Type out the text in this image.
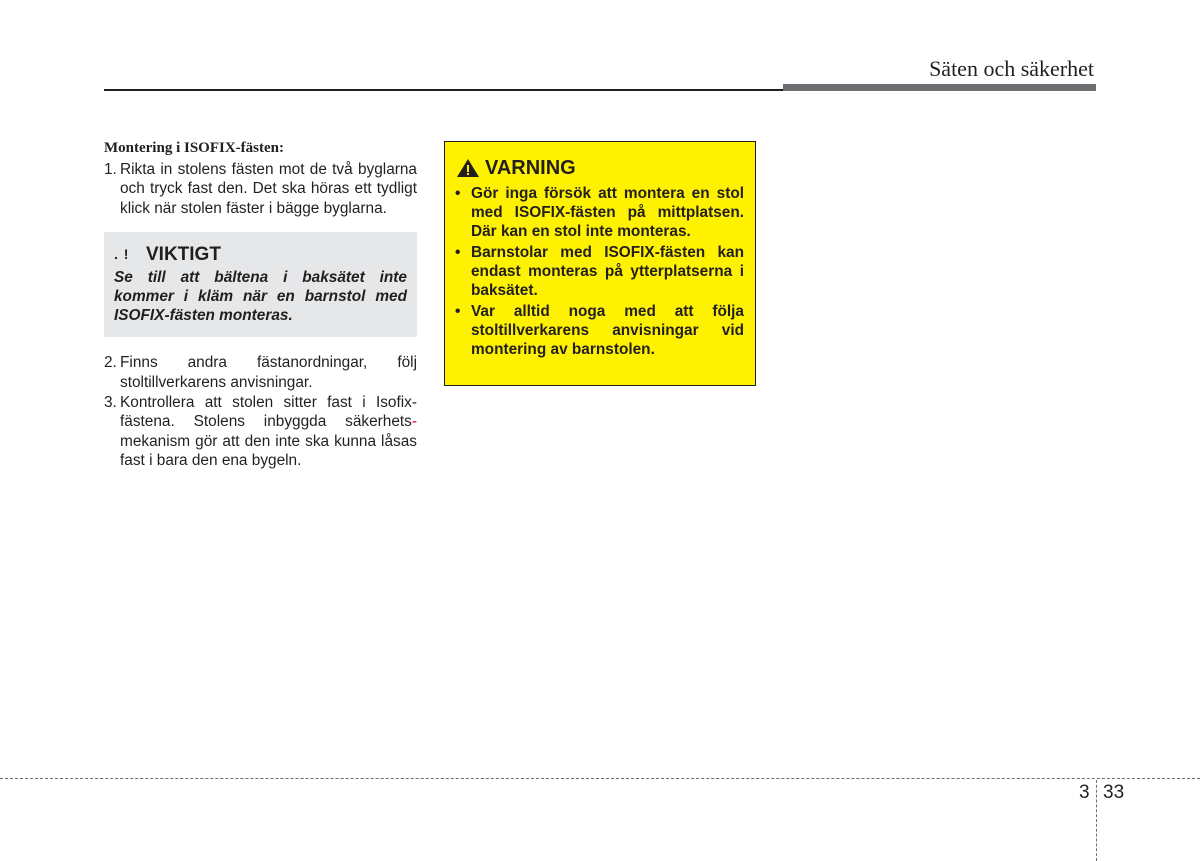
Säten och säkerhet
Montering i ISOFIX-fästen:
1. Rikta in stolens fästen mot de två byglarna och tryck fast den. Det ska höras ett tydligt klick när stolen fäster i bägge byglarna.
. ! VIKTIGT
Se till att bältena i baksätet inte kommer i kläm när en barnstol med ISOFIX-fästen monteras.
2. Finns andra fästanordningar, följ stoltillverkarens anvisningar.
3. Kontrollera att stolen sitter fast i Isofix-fästena. Stolens inbyggda säkerhets-mekanism gör att den inte ska kunna låsas fast i bara den ena bygeln.
VARNING
• Gör inga försök att montera en stol med ISOFIX-fästen på mittplatsen. Där kan en stol inte monteras.
• Barnstolar med ISOFIX-fästen kan endast monteras på ytterplatserna i baksätet.
• Var alltid noga med att följa stoltillverkarens anvisningar vid montering av barnstolen.
3 33
